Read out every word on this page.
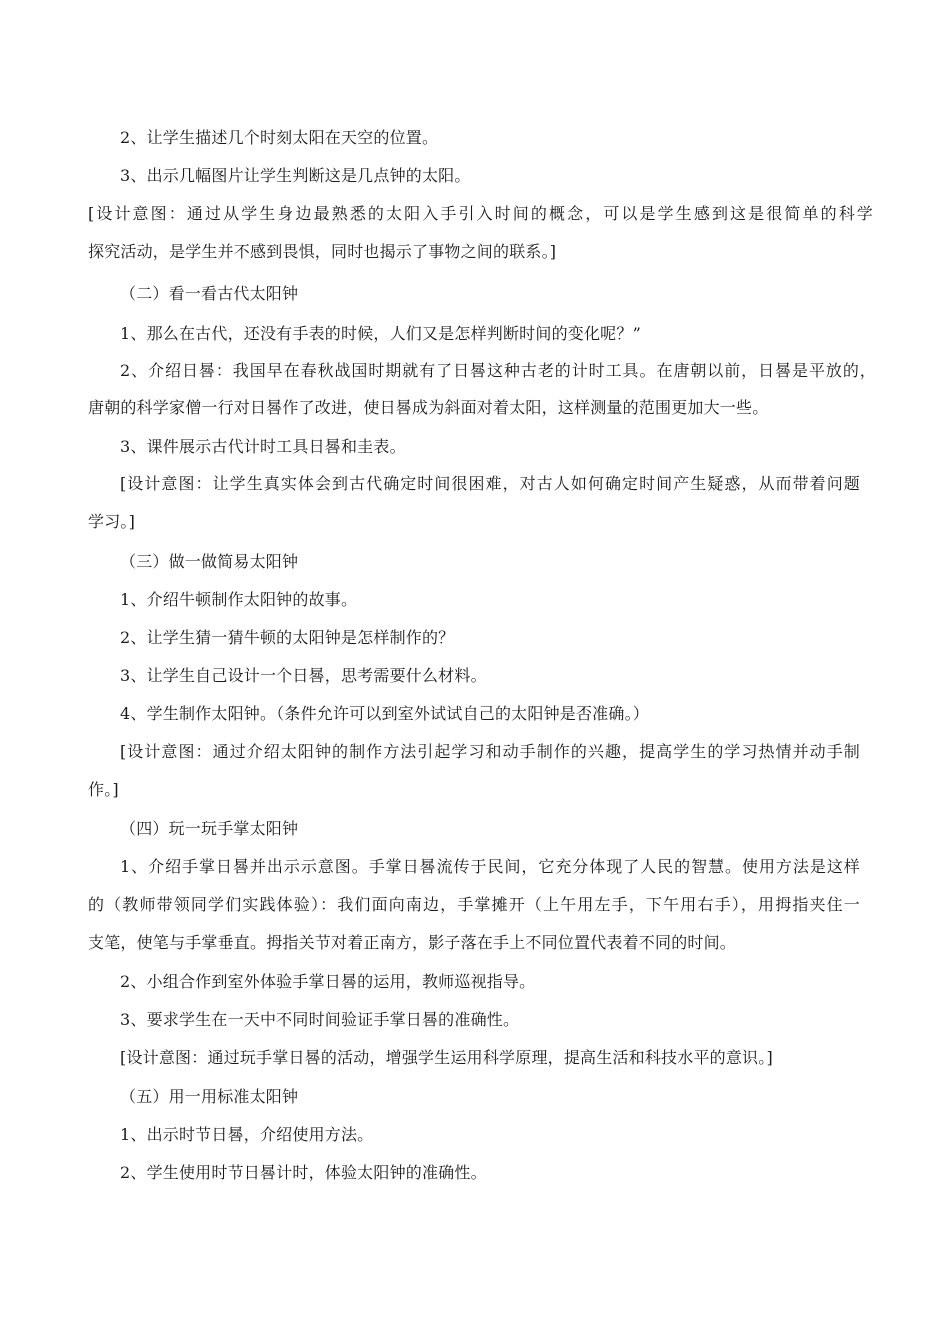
2、让学生描述几个时刻太阳在天空的位置。
3、出示几幅图片让学生判断这是几点钟的太阳。
[设计意图：通过从学生身边最熟悉的太阳入手引入时间的概念，可以是学生感到这是很简单的科学
探究活动，是学生并不感到畏惧，同时也揭示了事物之间的联系。]
（二）看一看古代太阳钟
1、那么在古代，还没有手表的时候，人们又是怎样判断时间的变化呢？”
2、介绍日晷：我国早在春秋战国时期就有了日晷这种古老的计时工具。在唐朝以前，日晷是平放的，
唐朝的科学家僧一行对日晷作了改进，使日晷成为斜面对着太阳，这样测量的范围更加大一些。
3、课件展示古代计时工具日晷和圭表。
[设计意图：让学生真实体会到古代确定时间很困难，对古人如何确定时间产生疑惑，从而带着问题
学习。]
（三）做一做简易太阳钟
1、介绍牛顿制作太阳钟的故事。
2、让学生猜一猜牛顿的太阳钟是怎样制作的？
3、让学生自己设计一个日晷，思考需要什么材料。
4、学生制作太阳钟。（条件允许可以到室外试试自己的太阳钟是否准确。）
[设计意图：通过介绍太阳钟的制作方法引起学习和动手制作的兴趣，提高学生的学习热情并动手制
作。]
（四）玩一玩手掌太阳钟
1、介绍手掌日晷并出示示意图。手掌日晷流传于民间，它充分体现了人民的智慧。使用方法是这样
的（教师带领同学们实践体验）：我们面向南边，手掌摊开（上午用左手，下午用右手），用拇指夹住一
支笔，使笔与手掌垂直。拇指关节对着正南方，影子落在手上不同位置代表着不同的时间。
2、小组合作到室外体验手掌日晷的运用，教师巡视指导。
3、要求学生在一天中不同时间验证手掌日晷的准确性。
[设计意图：通过玩手掌日晷的活动，增强学生运用科学原理，提高生活和科技水平的意识。]
（五）用一用标准太阳钟
1、出示时节日晷，介绍使用方法。
2、学生使用时节日晷计时，体验太阳钟的准确性。
